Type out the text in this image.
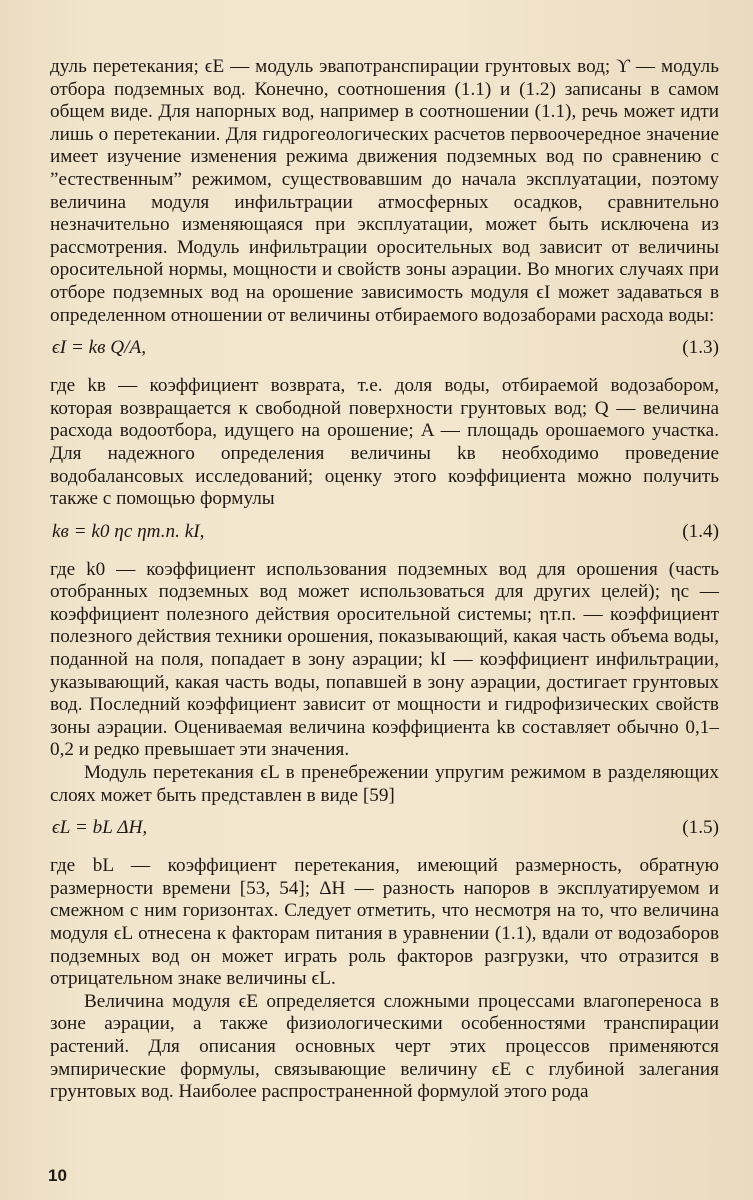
дуль перетекания; ϵE — модуль эвапотранспирации грунтовых вод; ϒ — модуль отбора подземных вод. Конечно, соотношения (1.1) и (1.2) записаны в самом общем виде. Для напорных вод, например в соотношении (1.1), речь может идти лишь о перетекании. Для гидрогеологических расчетов первоочередное значение имеет изучение изменения режима движения подземных вод по сравнению с ”естественным” режимом, существовавшим до начала эксплуатации, поэтому величина модуля инфильтрации атмосферных осадков, сравнительно незначительно изменяющаяся при эксплуатации, может быть исключена из рассмотрения. Модуль инфильтрации оросительных вод зависит от величины оросительной нормы, мощности и свойств зоны аэрации. Во многих случаях при отборе подземных вод на орошение зависимость модуля ϵI может задаваться в определенном отношении от величины отбираемого водозаборами расхода воды:

ϵI = kв Q/A,	(1.3)

где kв — коэффициент возврата, т.е. доля воды, отбираемой водозабором, которая возвращается к свободной поверхности грунтовых вод; Q — величина расхода водоотбора, идущего на орошение; A — площадь орошаемого участка. Для надежного определения величины kв необходимо проведение водобалансовых исследований; оценку этого коэффициента можно получить также с помощью формулы

kв = k0 ηс ηт.п. kI,	(1.4)

где k0 — коэффициент использования подземных вод для орошения (часть отобранных подземных вод может использоваться для других целей); ηс — коэффициент полезного действия оросительной системы; ηт.п. — коэффициент полезного действия техники орошения, показывающий, какая часть объема воды, поданной на поля, попадает в зону аэрации; kI — коэффициент инфильтрации, указывающий, какая часть воды, попавшей в зону аэрации, достигает грунтовых вод. Последний коэффициент зависит от мощности и гидрофизических свойств зоны аэрации. Оцениваемая величина коэффициента kв составляет обычно 0,1–0,2 и редко превышает эти значения.

Модуль перетекания ϵL в пренебрежении упругим режимом в разделяющих слоях может быть представлен в виде [59]

ϵL = bL ΔH,	(1.5)

где bL — коэффициент перетекания, имеющий размерность, обратную размерности времени [53, 54]; ΔH — разность напоров в эксплуатируемом и смежном с ним горизонтах. Следует отметить, что несмотря на то, что величина модуля ϵL отнесена к факторам питания в уравнении (1.1), вдали от водозаборов подземных вод он может играть роль факторов разгрузки, что отразится в отрицательном знаке величины ϵL.

Величина модуля ϵE определяется сложными процессами влагопереноса в зоне аэрации, а также физиологическими особенностями транспирации растений. Для описания основных черт этих процессов применяются эмпирические формулы, связывающие величину ϵE с глубиной залегания грунтовых вод. Наиболее распространенной формулой этого рода

10
